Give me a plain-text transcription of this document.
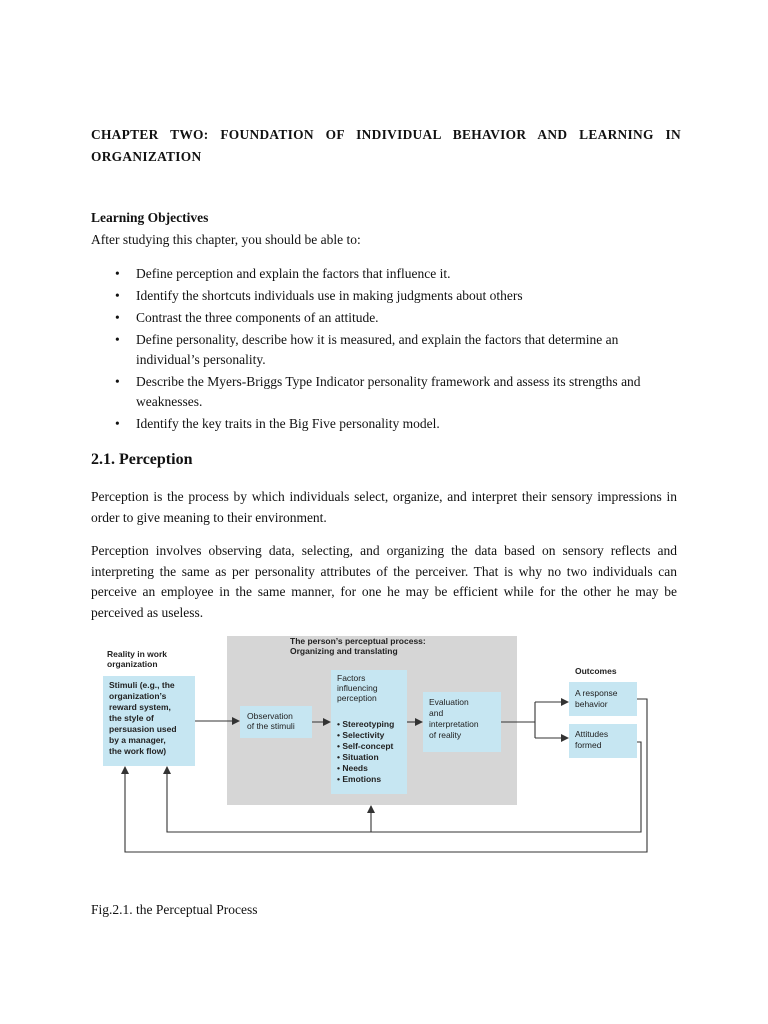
CHAPTER TWO: FOUNDATION OF INDIVIDUAL BEHAVIOR AND LEARNING IN ORGANIZATION
Learning Objectives
After studying this chapter, you should be able to:
• Define perception and explain the factors that influence it.
• Identify the shortcuts individuals use in making judgments about others
• Contrast the three components of an attitude.
• Define personality, describe how it is measured, and explain the factors that determine an individual’s personality.
• Describe the Myers-Briggs Type Indicator personality framework and assess its strengths and weaknesses.
• Identify the key traits in the Big Five personality model.
2.1. Perception
Perception is the process by which individuals select, organize, and interpret their sensory impressions in order to give meaning to their environment.
Perception involves observing data, selecting, and organizing the data based on sensory reflects and interpreting the same as per personality attributes of the perceiver. That is why no two individuals can perceive an employee in the same manner, for one he may be efficient while for the other he may be perceived as useless.
The person’s perceptual process: Organizing and translating
Reality in work organization
Stimuli (e.g., the organization’s reward system, the style of persuasion used by a manager, the work flow)
Observation of the stimuli
Factors influencing perception
• Stereotyping • Selectivity • Self-concept • Situation • Needs • Emotions
Evaluation and interpretation of reality
Outcomes
A response behavior
Attitudes formed
Fig.2.1. the Perceptual Process
